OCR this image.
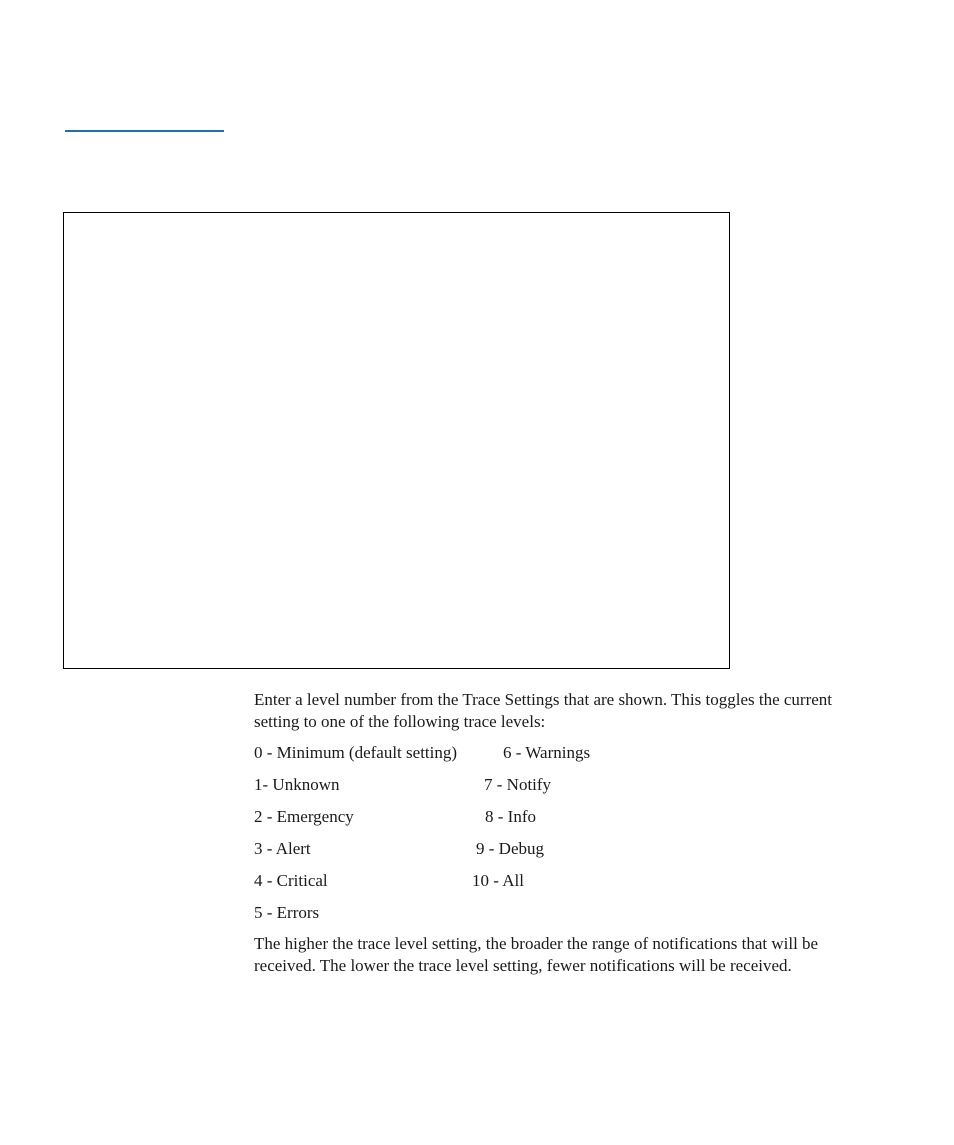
Enter a level number from the Trace Settings that are shown. This toggles the current setting to one of the following trace levels:

0 - Minimum (default setting)	6 - Warnings
1- Unknown	7 - Notify
2 - Emergency	8 - Info
3 - Alert	9 - Debug
4 - Critical	10 - All
5 - Errors

The higher the trace level setting, the broader the range of notifications that will be received. The lower the trace level setting, fewer notifications will be received.
